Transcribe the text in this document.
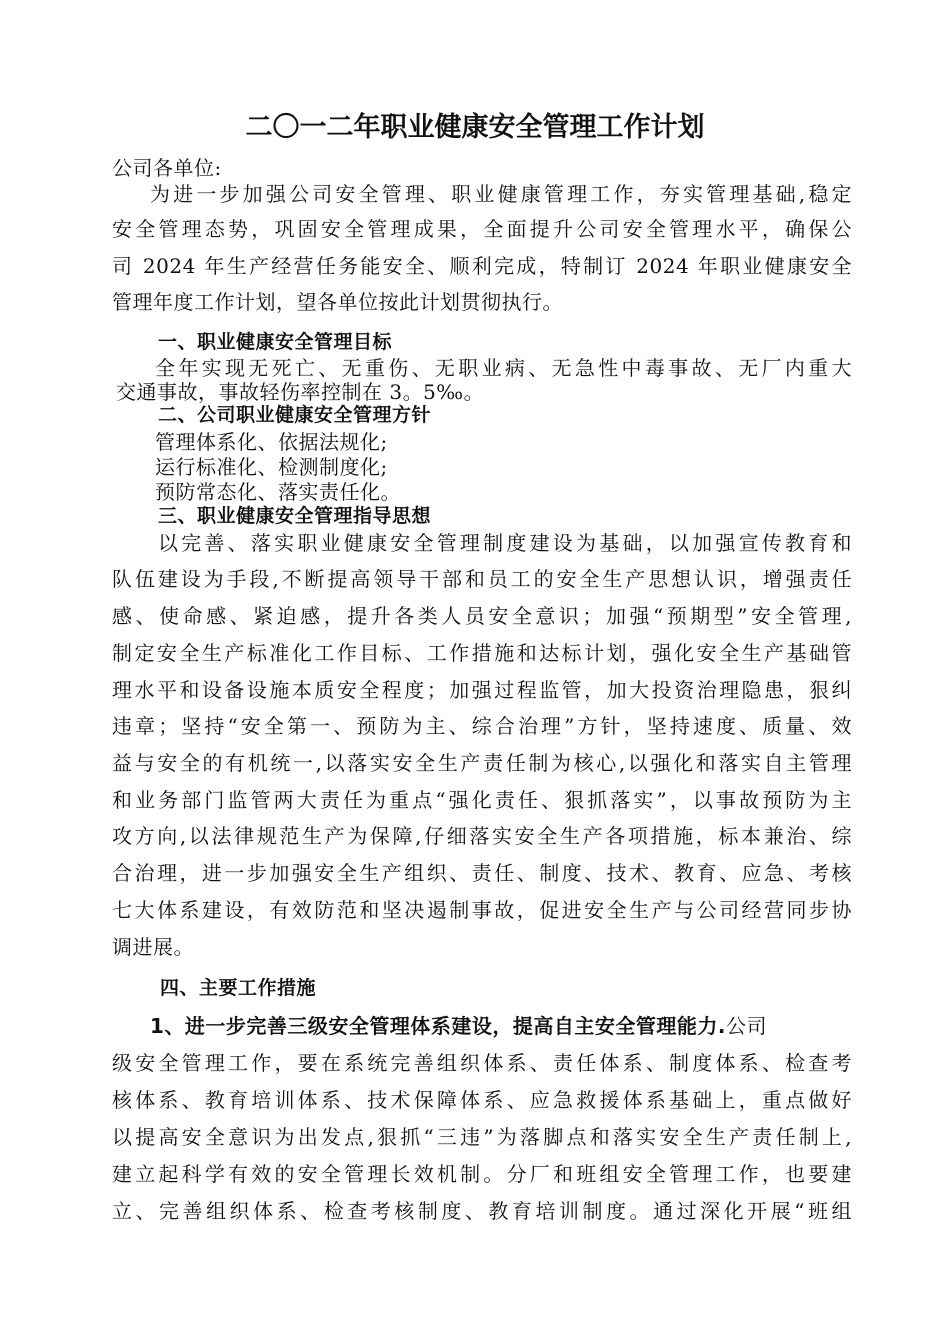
二〇一二年职业健康安全管理工作计划
公司各单位:
为进一步加强公司安全管理、职业健康管理工作，夯实管理基础,稳定
安全管理态势，巩固安全管理成果，全面提升公司安全管理水平，确保公
司 2024 年生产经营任务能安全、顺利完成，特制订 2024 年职业健康安全
管理年度工作计划，望各单位按此计划贯彻执行。
一、职业健康安全管理目标
全年实现无死亡、无重伤、无职业病、无急性中毒事故、无厂内重大
交通事故，事故轻伤率控制在 3。5‰。
二、公司职业健康安全管理方针
管理体系化、依据法规化;
运行标准化、检测制度化;
预防常态化、落实责任化。
三、职业健康安全管理指导思想
以完善、落实职业健康安全管理制度建设为基础，以加强宣传教育和
队伍建设为手段,不断提高领导干部和员工的安全生产思想认识，增强责任
感、使命感、紧迫感，提升各类人员安全意识；加强“预期型”安全管理,
制定安全生产标准化工作目标、工作措施和达标计划，强化安全生产基础管
理水平和设备设施本质安全程度；加强过程监管，加大投资治理隐患，狠纠
违章；坚持“安全第一、预防为主、综合治理”方针，坚持速度、质量、效
益与安全的有机统一,以落实安全生产责任制为核心,以强化和落实自主管理
和业务部门监管两大责任为重点“强化责任、狠抓落实”，以事故预防为主
攻方向,以法律规范生产为保障,仔细落实安全生产各项措施，标本兼治、综
合治理，进一步加强安全生产组织、责任、制度、技术、教育、应急、考核
七大体系建设，有效防范和坚决遏制事故，促进安全生产与公司经营同步协
调进展。
四、主要工作措施
1、进一步完善三级安全管理体系建设，提高自主安全管理能力.公司
级安全管理工作，要在系统完善组织体系、责任体系、制度体系、检查考
核体系、教育培训体系、技术保障体系、应急救援体系基础上，重点做好
以提高安全意识为出发点,狠抓“三违”为落脚点和落实安全生产责任制上,
建立起科学有效的安全管理长效机制。分厂和班组安全管理工作，也要建
立、完善组织体系、检查考核制度、教育培训制度。通过深化开展“班组
